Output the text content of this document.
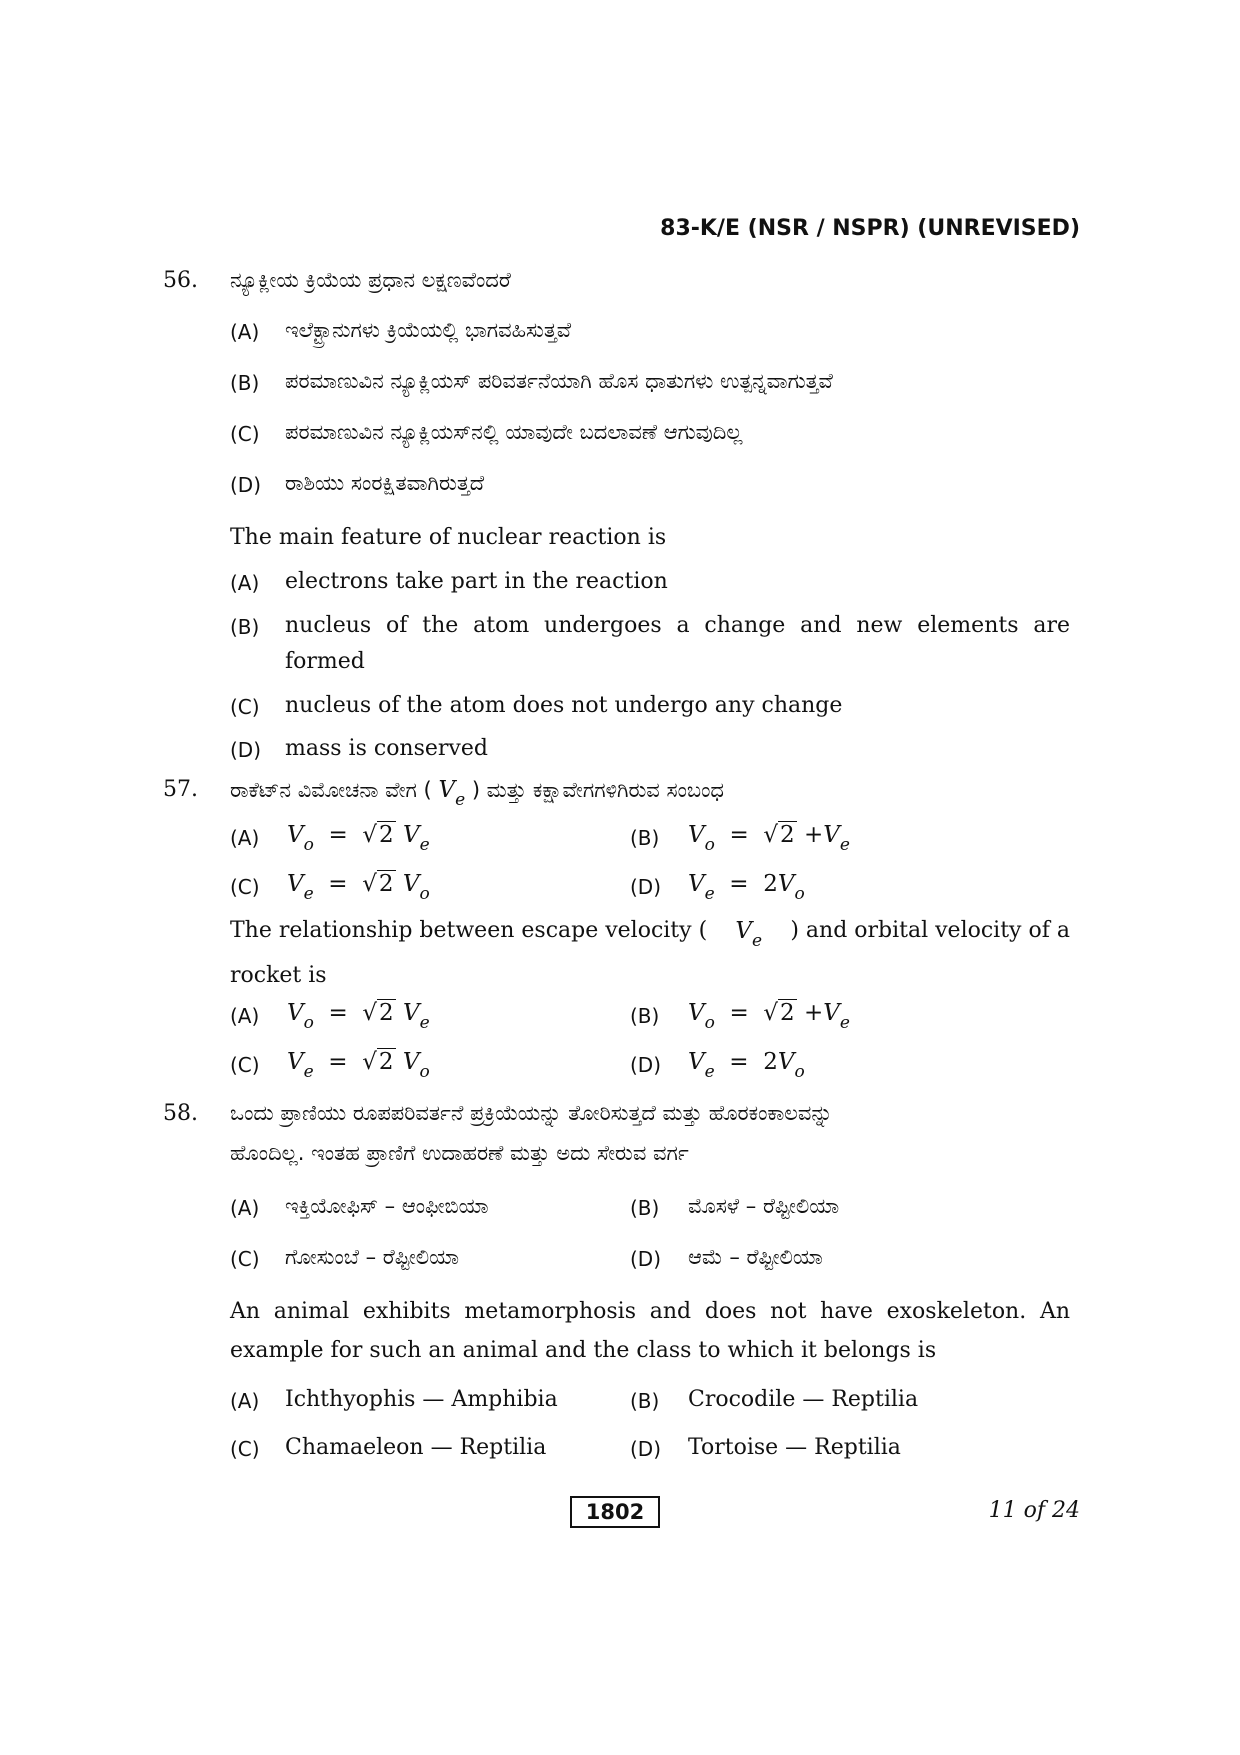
83-K/E (NSR / NSPR) (UNREVISED)
56. ನ್ಯೂಕ್ಲೀಯ ಕ್ರಿಯೆಯ ಪ್ರಧಾನ ಲಕ್ಷಣವೆಂದರೆ
(A) ಇಲೆಕ್ಟ್ರಾನುಗಳು ಕ್ರಿಯೆಯಲ್ಲಿ ಭಾಗವಹಿಸುತ್ತವೆ
(B) ಪರಮಾಣುವಿನ ನ್ಯೂಕ್ಲಿಯಸ್ ಪರಿವರ್ತನೆಯಾಗಿ ಹೊಸ ಧಾತುಗಳು ಉತ್ಪನ್ನವಾಗುತ್ತವೆ
(C) ಪರಮಾಣುವಿನ ನ್ಯೂಕ್ಲಿಯಸ್‌ನಲ್ಲಿ ಯಾವುದೇ ಬದಲಾವಣೆ ಆಗುವುದಿಲ್ಲ
(D) ರಾಶಿಯು ಸಂರಕ್ಷಿತವಾಗಿರುತ್ತದೆ
The main feature of nuclear reaction is
(A) electrons take part in the reaction
(B) nucleus of the atom undergoes a change and new elements are
formed
(C) nucleus of the atom does not undergo any change
(D) mass is conserved
57. ರಾಕೆಟ್‌ನ ವಿಮೋಚನಾ ವೇಗ ( $V_e$ ) ಮತ್ತು ಕಕ್ಷಾವೇಗಗಳಿಗಿರುವ ಸಂಬಂಧ
(A) $V_o = √2$ $V_e$	(B) $V_o = √2 +V_e$
(C) $V_e = √2$ $V_o$	(D) $V_e = 2V_o$
The relationship between escape velocity ( $V_e$ ) and orbital velocity of a
rocket is
(A) $V_o = √2$ $V_e$	(B) $V_o = √2 +V_e$
(C) $V_e = √2$ $V_o$	(D) $V_e = 2V_o$
58. ಒಂದು ಪ್ರಾಣಿಯು ರೂಪಪರಿವರ್ತನೆ ಪ್ರಕ್ರಿಯೆಯನ್ನು ತೋರಿಸುತ್ತದೆ ಮತ್ತು ಹೊರಕಂಕಾಲವನ್ನು
ಹೊಂದಿಲ್ಲ. ಇಂತಹ ಪ್ರಾಣಿಗೆ ಉದಾಹರಣೆ ಮತ್ತು ಅದು ಸೇರುವ ವರ್ಗ
(A) ಇಕ್ತಿಯೋಫಿಸ್ – ಆಂಫೀಬಿಯಾ	(B) ಮೊಸಳೆ – ರೆಪ್ಟೀಲಿಯಾ
(C) ಗೋಸುಂಬೆ – ರೆಪ್ಟೀಲಿಯಾ	(D) ಆಮೆ – ರೆಪ್ಟೀಲಿಯಾ
An animal exhibits metamorphosis and does not have exoskeleton. An
example for such an animal and the class to which it belongs is
(A) Ichthyophis — Amphibia	(B) Crocodile — Reptilia
(C) Chamaeleon — Reptilia	(D) Tortoise — Reptilia
1802	11 of 24
